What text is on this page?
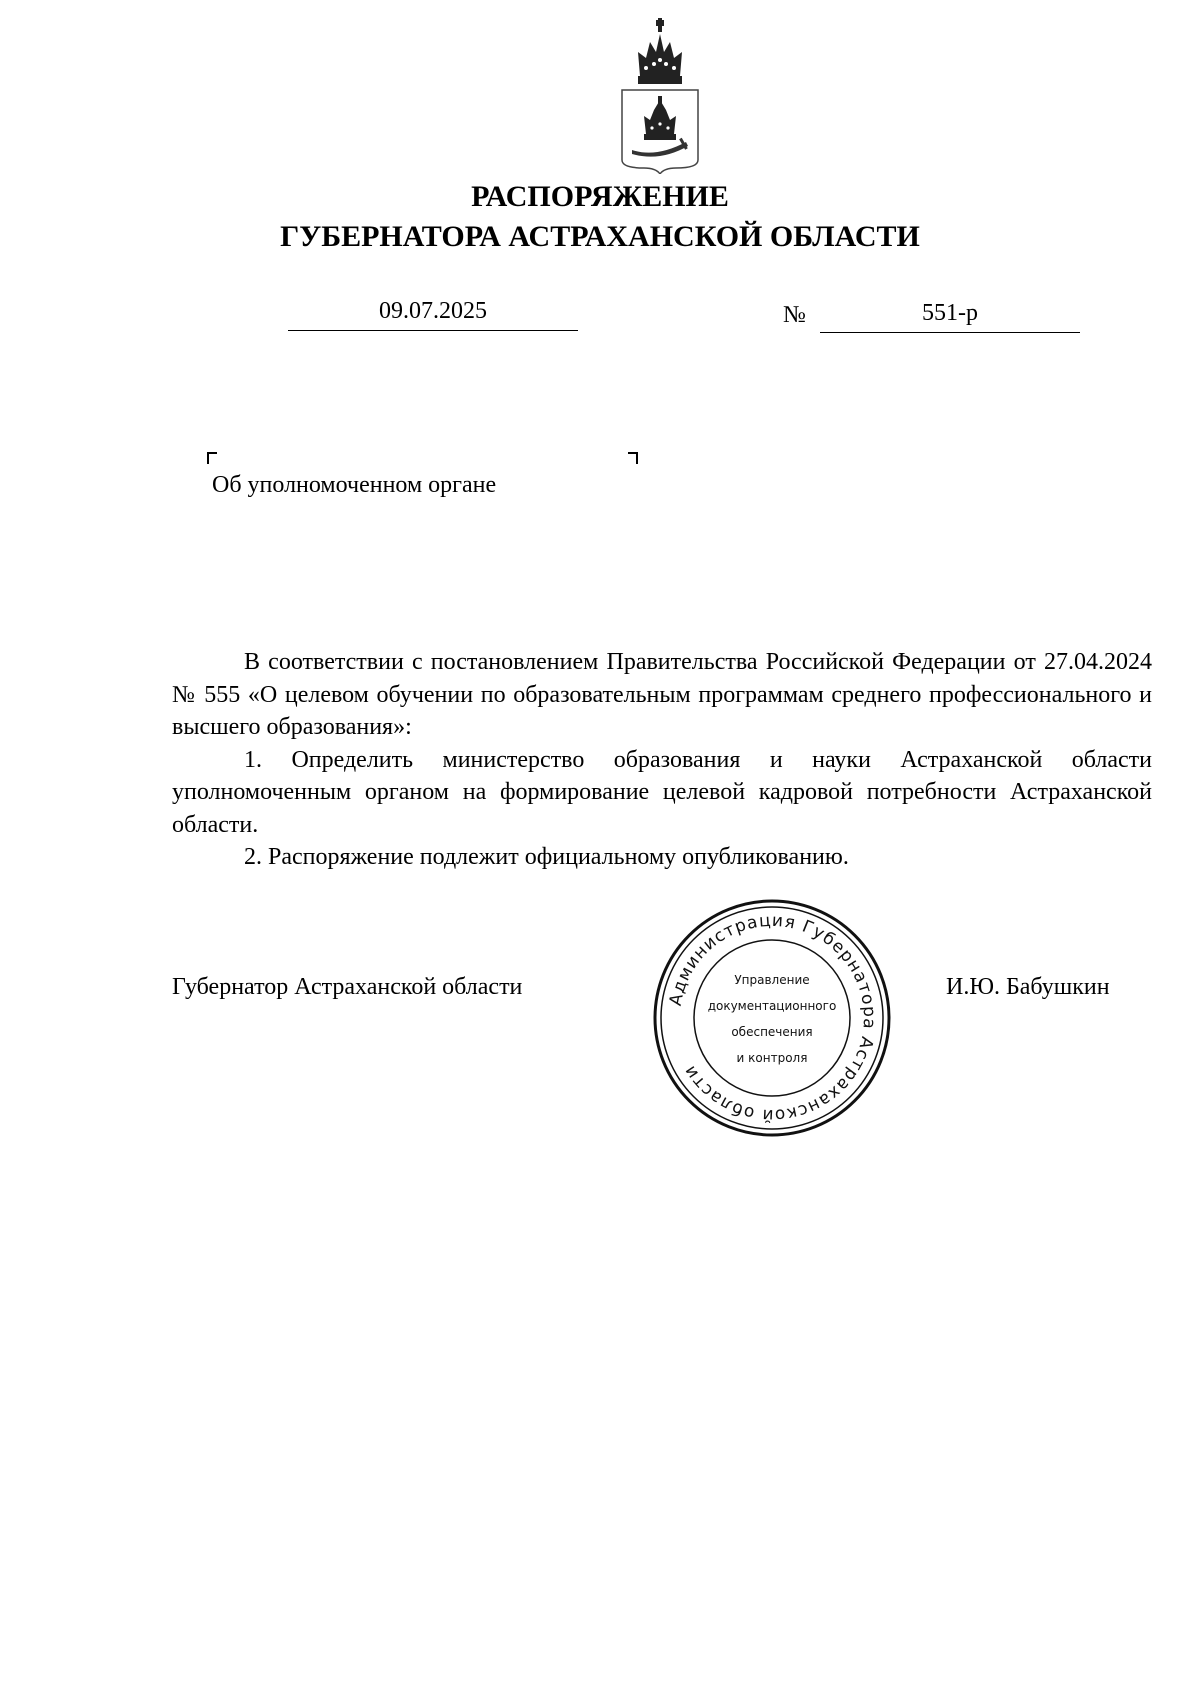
РАСПОРЯЖЕНИЕ
ГУБЕРНАТОРА АСТРАХАНСКОЙ ОБЛАСТИ
09.07.2025	№	551-р
Об уполномоченном органе

В соответствии с постановлением Правительства Российской Федерации от 27.04.2024 № 555 «О целевом обучении по образовательным программам среднего профессионального и высшего образования»:

1. Определить министерство образования и науки Астраханской области уполномоченным органом на формирование целевой кадровой потребности Астраханской области.

2. Распоряжение подлежит официальному опубликованию.

Губернатор Астраханской области	И.Ю. Бабушкин
Администрация Губернатора Астраханской области
Управление
документационного
обеспечения
и контроля
